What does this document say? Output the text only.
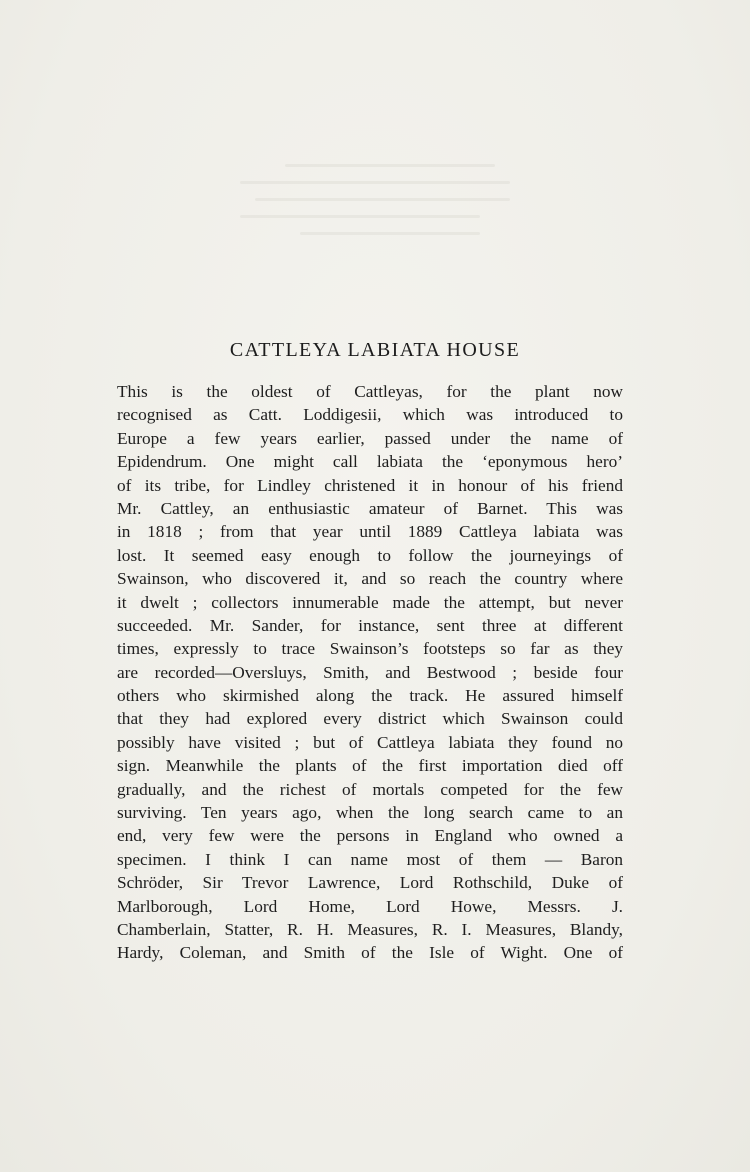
CATTLEYA LABIATA HOUSE
This is the oldest of Cattleyas, for the plant now
recognised as Catt. Loddigesii, which was introduced to
Europe a few years earlier, passed under the name of
Epidendrum. One might call labiata the ‘eponymous hero’
of its tribe, for Lindley christened it in honour of his friend
Mr. Cattley, an enthusiastic amateur of Barnet. This was
in 1818 ; from that year until 1889 Cattleya labiata was
lost. It seemed easy enough to follow the journeyings of
Swainson, who discovered it, and so reach the country where
it dwelt ; collectors innumerable made the attempt, but never
succeeded. Mr. Sander, for instance, sent three at different
times, expressly to trace Swainson’s footsteps so far as they
are recorded—Oversluys, Smith, and Bestwood ; beside four
others who skirmished along the track. He assured himself
that they had explored every district which Swainson could
possibly have visited ; but of Cattleya labiata they found no
sign. Meanwhile the plants of the first importation died off
gradually, and the richest of mortals competed for the few
surviving. Ten years ago, when the long search came to an
end, very few were the persons in England who owned a
specimen. I think I can name most of them — Baron
Schröder, Sir Trevor Lawrence, Lord Rothschild, Duke of
Marlborough, Lord Home, Lord Howe, Messrs. J.
Chamberlain, Statter, R. H. Measures, R. I. Measures, Blandy,
Hardy, Coleman, and Smith of the Isle of Wight. One of
